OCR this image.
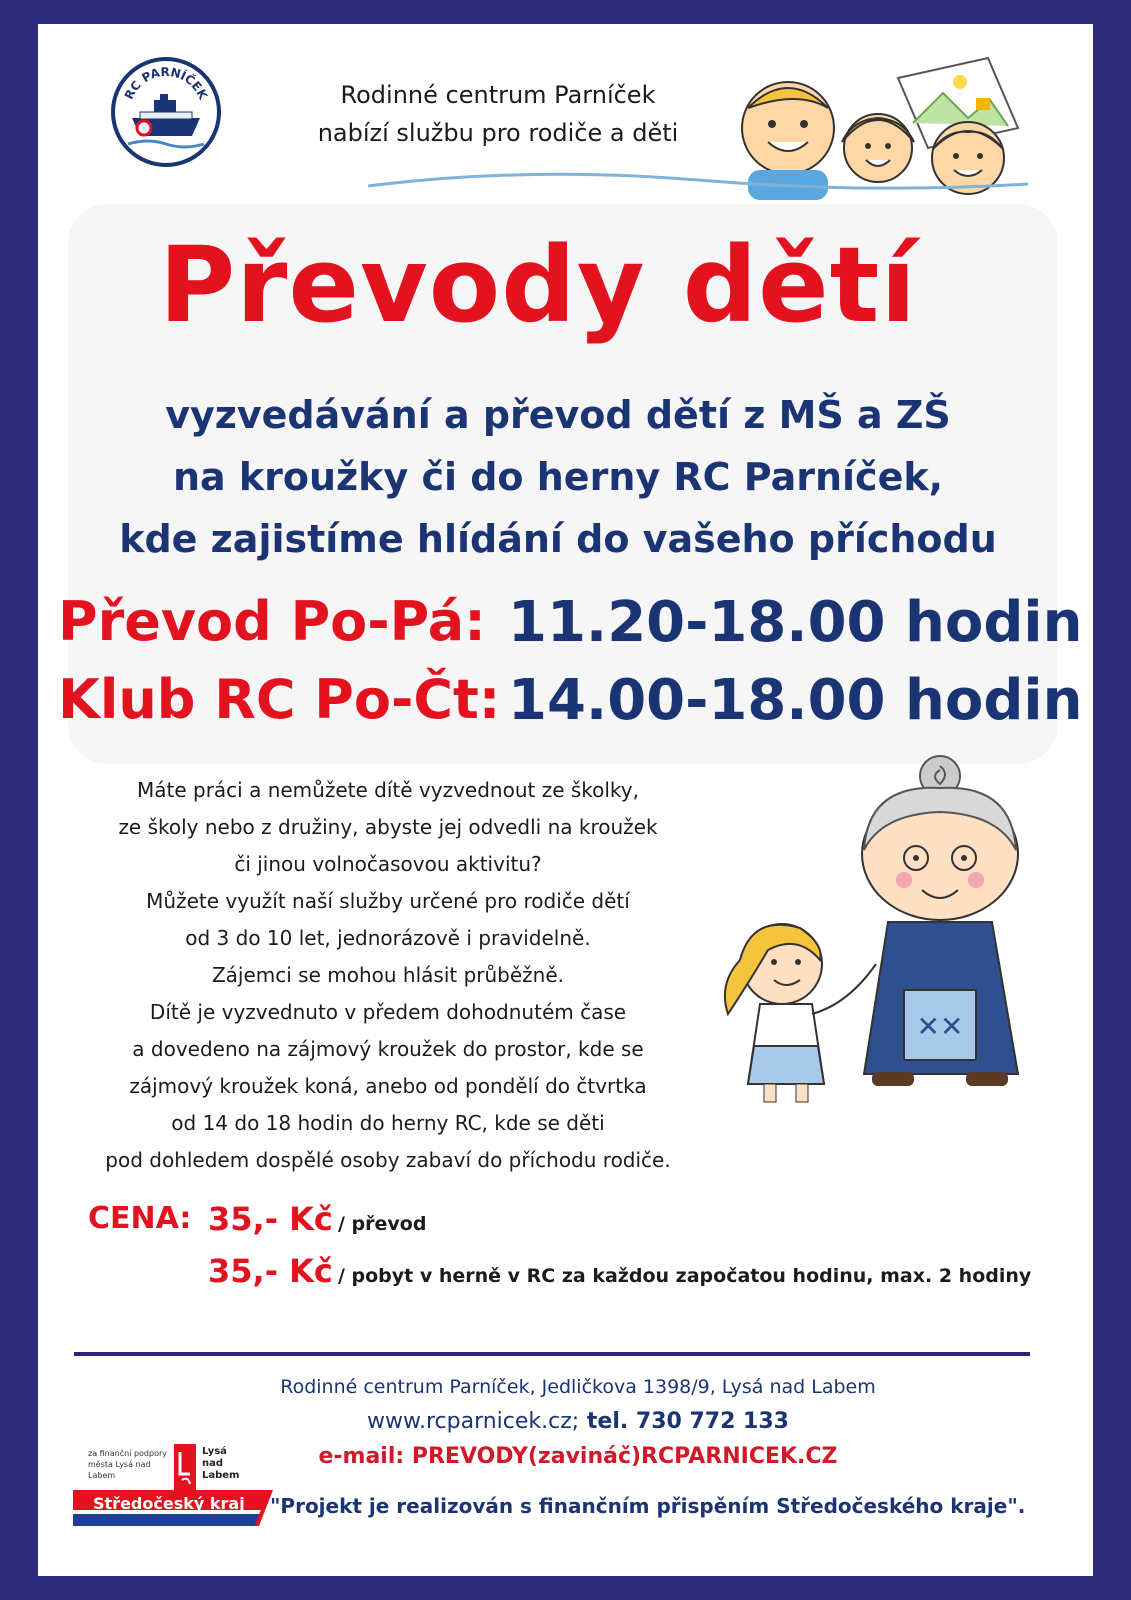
RC PARNÍČEK	Rodinné centrum Parníček
nabízí službu pro rodiče a děti
Převody dětí
vyzvedávání a převod dětí z MŠ a ZŠ
na kroužky či do herny RC Parníček,
kde zajistíme hlídání do vašeho příchodu
Převod Po-Pá: 11.20-18.00 hodin
Klub RC Po-Čt: 14.00-18.00 hodin
Máte práci a nemůžete dítě vyzvednout ze školky,
ze školy nebo z družiny, abyste jej odvedli na kroužek
či jinou volnočasovou aktivitu?
Můžete využít naší služby určené pro rodiče dětí
od 3 do 10 let, jednorázově i pravidelně.
Zájemci se mohou hlásit průběžně.
Dítě je vyzvednuto v předem dohodnutém čase
a dovedeno na zájmový kroužek do prostor, kde se
zájmový kroužek koná, anebo od pondělí do čtvrtka
od 14 do 18 hodin do herny RC, kde se děti
pod dohledem dospělé osoby zabaví do příchodu rodiče.
✕✕
CENA: 35,- Kč / převod
35,- Kč / pobyt v herně v RC za každou započatou hodinu, max. 2 hodiny
Rodinné centrum Parníček, Jedličkova 1398/9, Lysá nad Labem
www.rcparnicek.cz; tel. 730 772 133
e-mail: PREVODY(zavináč)RCPARNICEK.CZ
za finanční podpory města Lysá nad Labem
Lysá nad Labem
Středočeský kraj "Projekt je realizován s finančním přispěním Středočeského kraje".
